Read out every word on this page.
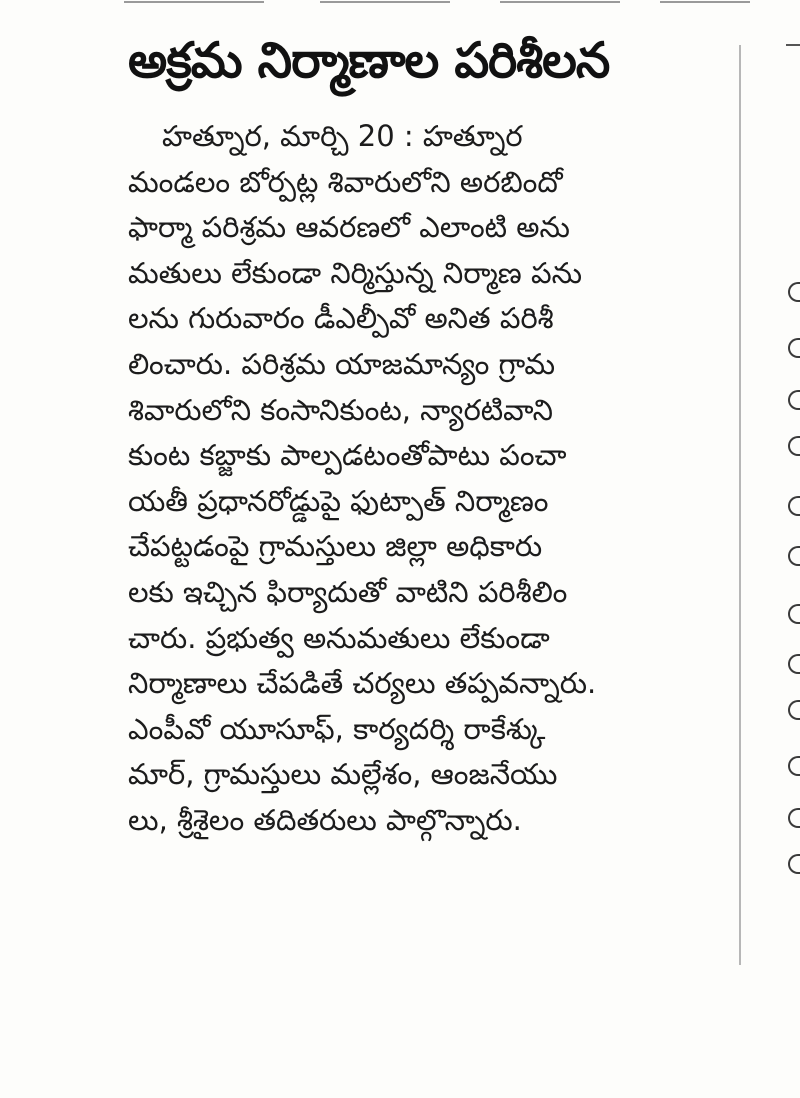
అక్రమ నిర్మాణాల పరిశీలన
హత్నూర, మార్చి 20 : హత్నూర
మండలం బోర్పట్ల శివారులోని అరబిందో
ఫార్మా పరిశ్రమ ఆవరణలో ఎలాంటి అను
మతులు లేకుండా నిర్మిస్తున్న నిర్మాణ పను
లను గురువారం డీఎల్పీవో అనిత పరిశీ
లించారు. పరిశ్రమ యాజమాన్యం గ్రామ
శివారులోని కంసానికుంట, న్యారటివాని
కుంట కబ్జాకు పాల్పడటంతోపాటు పంచా
యతీ ప్రధానరోడ్డుపై ఫుట్పాత్ నిర్మాణం
చేపట్టడంపై గ్రామస్తులు జిల్లా అధికారు
లకు ఇచ్చిన ఫిర్యాదుతో వాటిని పరిశీలిం
చారు. ప్రభుత్వ అనుమతులు లేకుండా
నిర్మాణాలు చేపడితే చర్యలు తప్పవన్నారు.
ఎంపీవో యూసూఫ్, కార్యదర్శి రాకేశ్కు
మార్, గ్రామస్తులు మల్లేశం, ఆంజనేయు
లు, శ్రీశైలం తదితరులు పాల్గొన్నారు.
